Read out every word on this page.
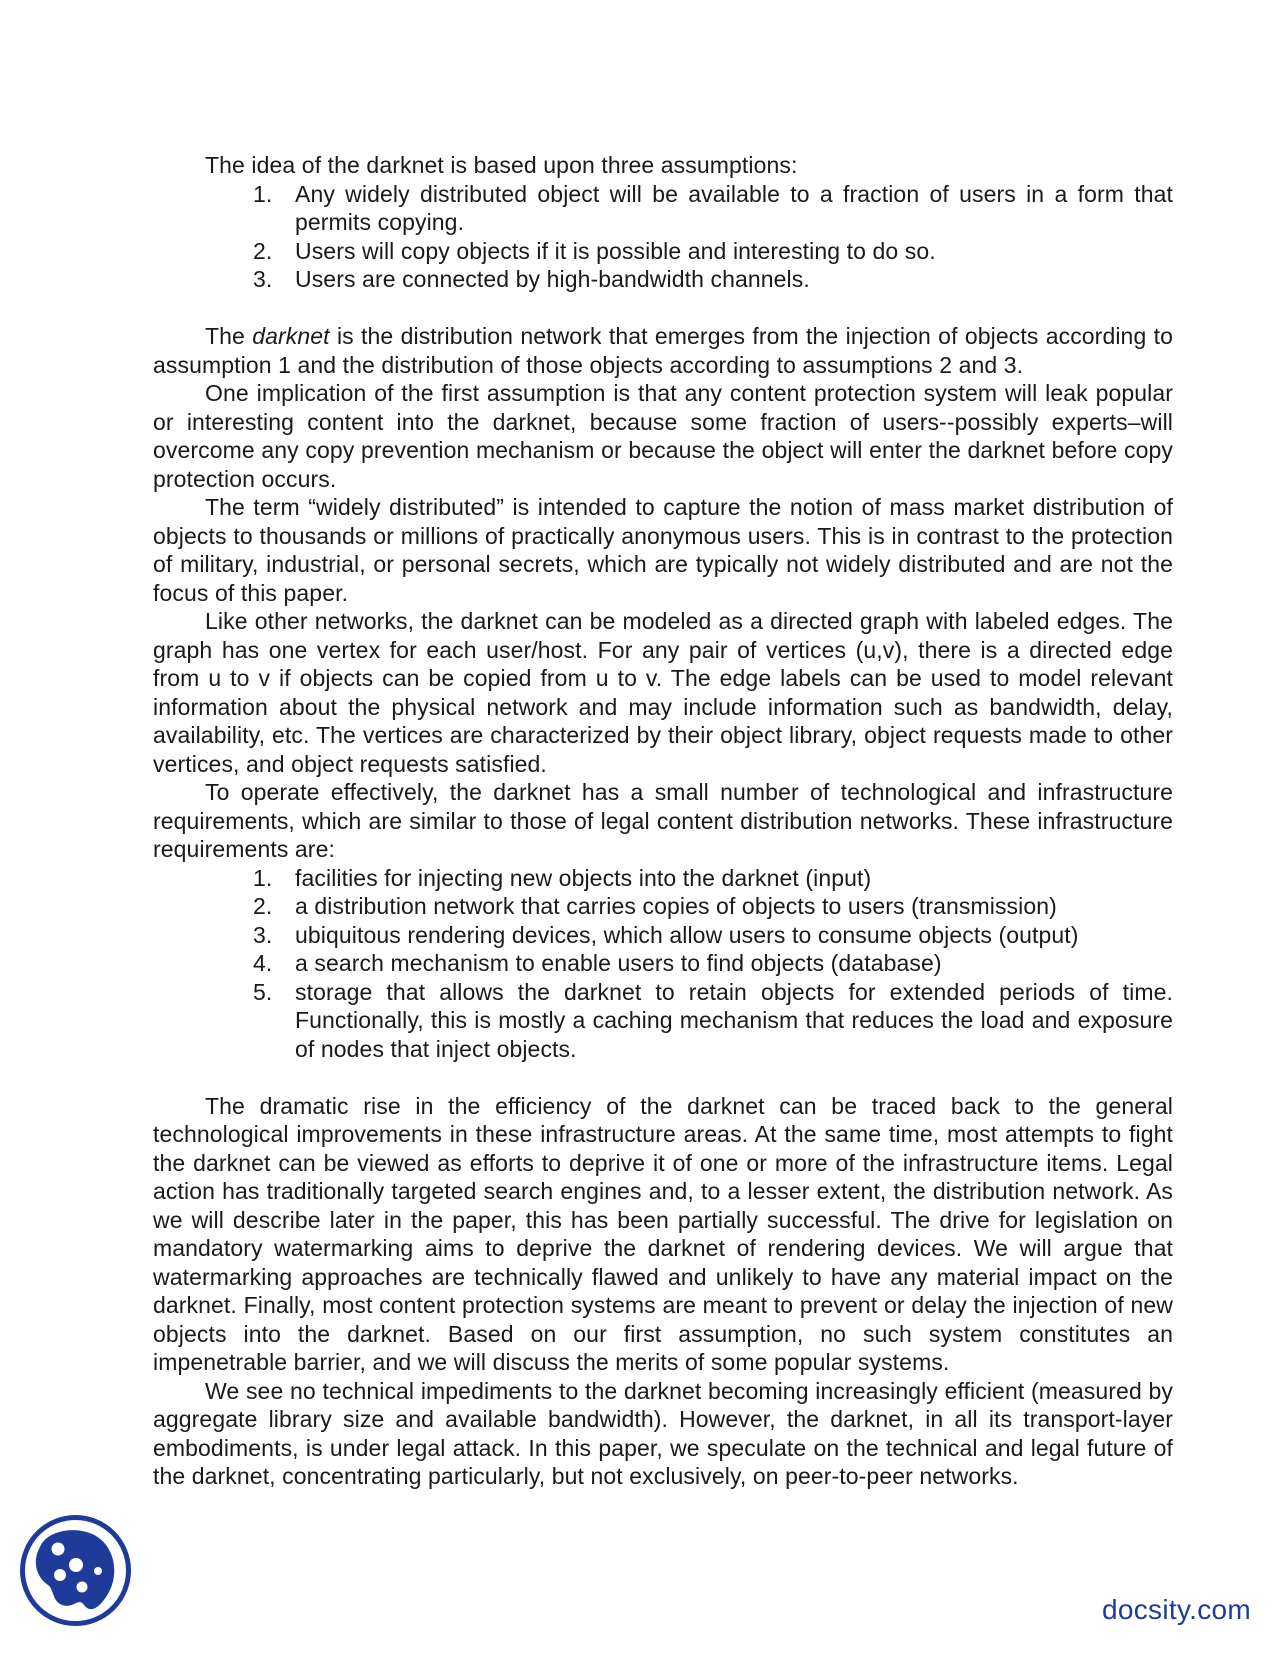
The idea of the darknet is based upon three assumptions:
1. Any widely distributed object will be available to a fraction of users in a form that permits copying.
2. Users will copy objects if it is possible and interesting to do so.
3. Users are connected by high-bandwidth channels.

The darknet is the distribution network that emerges from the injection of objects according to assumption 1 and the distribution of those objects according to assumptions 2 and 3.

One implication of the first assumption is that any content protection system will leak popular or interesting content into the darknet, because some fraction of users--possibly experts–will overcome any copy prevention mechanism or because the object will enter the darknet before copy protection occurs.

The term “widely distributed” is intended to capture the notion of mass market distribution of objects to thousands or millions of practically anonymous users. This is in contrast to the protection of military, industrial, or personal secrets, which are typically not widely distributed and are not the focus of this paper.

Like other networks, the darknet can be modeled as a directed graph with labeled edges. The graph has one vertex for each user/host. For any pair of vertices (u,v), there is a directed edge from u to v if objects can be copied from u to v. The edge labels can be used to model relevant information about the physical network and may include information such as bandwidth, delay, availability, etc. The vertices are characterized by their object library, object requests made to other vertices, and object requests satisfied.

To operate effectively, the darknet has a small number of technological and infrastructure requirements, which are similar to those of legal content distribution networks. These infrastructure requirements are:

1. facilities for injecting new objects into the darknet (input)
2. a distribution network that carries copies of objects to users (transmission)
3. ubiquitous rendering devices, which allow users to consume objects (output)
4. a search mechanism to enable users to find objects (database)
5. storage that allows the darknet to retain objects for extended periods of time. Functionally, this is mostly a caching mechanism that reduces the load and exposure of nodes that inject objects.

The dramatic rise in the efficiency of the darknet can be traced back to the general technological improvements in these infrastructure areas. At the same time, most attempts to fight the darknet can be viewed as efforts to deprive it of one or more of the infrastructure items. Legal action has traditionally targeted search engines and, to a lesser extent, the distribution network. As we will describe later in the paper, this has been partially successful. The drive for legislation on mandatory watermarking aims to deprive the darknet of rendering devices. We will argue that watermarking approaches are technically flawed and unlikely to have any material impact on the darknet. Finally, most content protection systems are meant to prevent or delay the injection of new objects into the darknet. Based on our first assumption, no such system constitutes an impenetrable barrier, and we will discuss the merits of some popular systems.

We see no technical impediments to the darknet becoming increasingly efficient (measured by aggregate library size and available bandwidth). However, the darknet, in all its transport-layer embodiments, is under legal attack. In this paper, we speculate on the technical and legal future of the darknet, concentrating particularly, but not exclusively, on peer-to-peer networks.

docsity.com
